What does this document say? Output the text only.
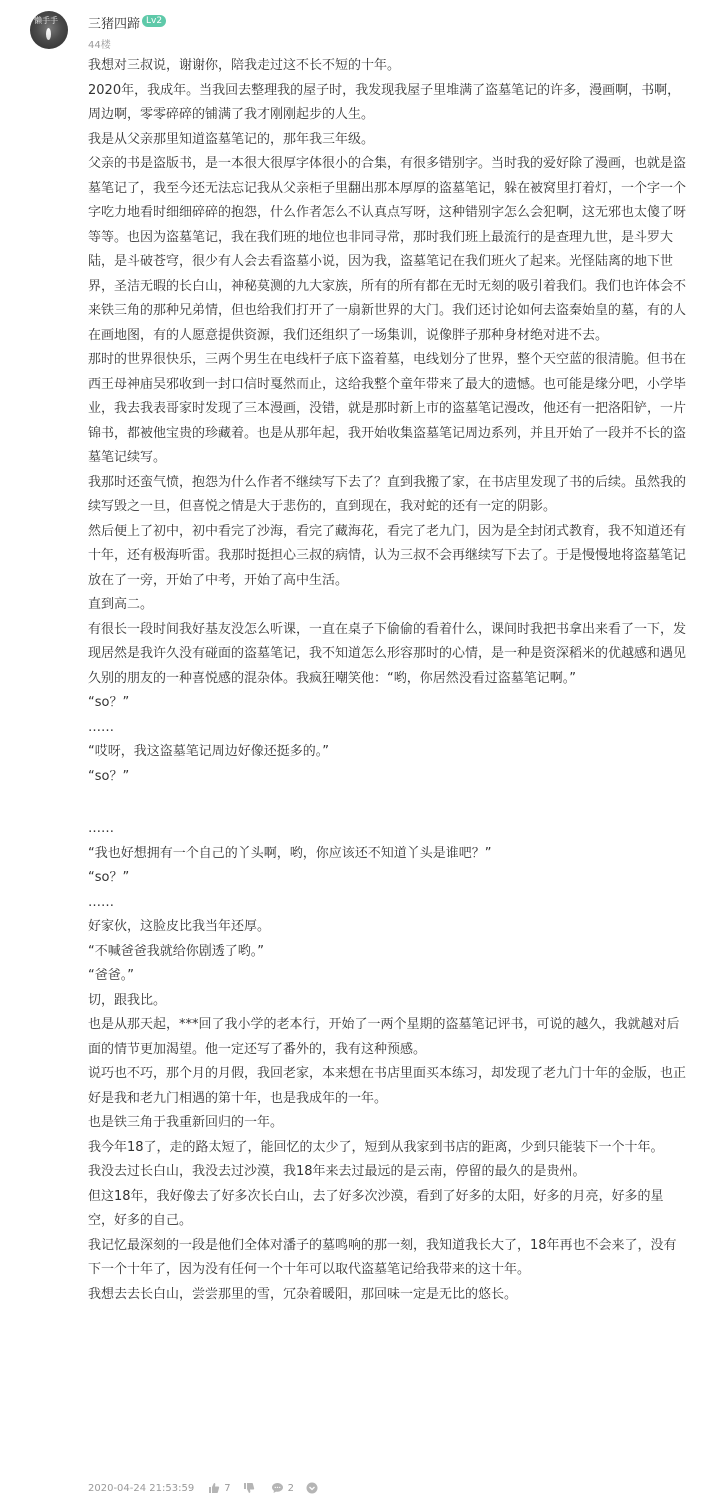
懒手手 三猪四蹄 Lv2
44楼
我想对三叔说，谢谢你，陪我走过这不长不短的十年。
2020年，我成年。当我回去整理我的屋子时，我发现我屋子里堆满了盗墓笔记的许多，漫画啊，书啊，周边啊，零零碎碎的铺满了我才刚刚起步的人生。
我是从父亲那里知道盗墓笔记的，那年我三年级。
父亲的书是盗版书，是一本很大很厚字体很小的合集，有很多错别字。当时我的爱好除了漫画，也就是盗墓笔记了，我至今还无法忘记我从父亲柜子里翻出那本厚厚的盗墓笔记，躲在被窝里打着灯，一个字一个字吃力地看时细细碎碎的抱怨，什么作者怎么不认真点写呀，这种错别字怎么会犯啊，这无邪也太傻了呀等等。也因为盗墓笔记，我在我们班的地位也非同寻常，那时我们班上最流行的是查理九世，是斗罗大陆，是斗破苍穹，很少有人会去看盗墓小说，因为我，盗墓笔记在我们班火了起来。光怪陆离的地下世界，圣洁无暇的长白山，神秘莫测的九大家族，所有的所有都在无时无刻的吸引着我们。我们也许体会不来铁三角的那种兄弟情，但也给我们打开了一扇新世界的大门。我们还讨论如何去盗秦始皇的墓，有的人在画地图，有的人愿意提供资源，我们还组织了一场集训，说像胖子那种身材绝对进不去。
那时的世界很快乐，三两个男生在电线杆子底下盗着墓，电线划分了世界，整个天空蓝的很清脆。但书在西王母神庙吴邪收到一封口信时戛然而止，这给我整个童年带来了最大的遗憾。也可能是缘分吧，小学毕业，我去我表哥家时发现了三本漫画，没错，就是那时新上市的盗墓笔记漫改，他还有一把洛阳铲，一片锦书，都被他宝贵的珍藏着。也是从那年起，我开始收集盗墓笔记周边系列，并且开始了一段并不长的盗墓笔记续写。
我那时还蛮气愤，抱怨为什么作者不继续写下去了？直到我搬了家，在书店里发现了书的后续。虽然我的续写毁之一旦，但喜悦之情是大于悲伤的，直到现在，我对蛇的还有一定的阴影。
然后便上了初中，初中看完了沙海，看完了藏海花，看完了老九门，因为是全封闭式教育，我不知道还有十年，还有极海听雷。我那时挺担心三叔的病情，认为三叔不会再继续写下去了。于是慢慢地将盗墓笔记放在了一旁，开始了中考，开始了高中生活。
直到高二。
有很长一段时间我好基友没怎么听课，一直在桌子下偷偷的看着什么，课间时我把书拿出来看了一下，发现居然是我许久没有碰面的盗墓笔记，我不知道怎么形容那时的心情，是一种是资深稻米的优越感和遇见久别的朋友的一种喜悦感的混杂体。我疯狂嘲笑他：“哟，你居然没看过盗墓笔记啊。”
“so？”
……
“哎呀，我这盗墓笔记周边好像还挺多的。”
“so？”
……
“我也好想拥有一个自己的丫头啊，哟，你应该还不知道丫头是谁吧？”
“so？”
……
好家伙，这脸皮比我当年还厚。
“不喊爸爸我就给你剧透了哟。”
“爸爸。”
切，跟我比。
也是从那天起，***回了我小学的老本行，开始了一两个星期的盗墓笔记评书，可说的越久，我就越对后面的情节更加渴望。他一定还写了番外的，我有这种预感。
说巧也不巧，那个月的月假，我回老家，本来想在书店里面买本练习，却发现了老九门十年的金版，也正好是我和老九门相遇的第十年，也是我成年的一年。
也是铁三角于我重新回归的一年。
我今年18了，走的路太短了，能回忆的太少了，短到从我家到书店的距离，少到只能装下一个十年。
我没去过长白山，我没去过沙漠，我18年来去过最远的是云南，停留的最久的是贵州。
但这18年，我好像去了好多次长白山，去了好多次沙漠，看到了好多的太阳，好多的月亮，好多的星空，好多的自己。
我记忆最深刻的一段是他们全体对潘子的墓鸣响的那一刻，我知道我长大了，18年再也不会来了，没有下一个十年了，因为没有任何一个十年可以取代盗墓笔记给我带来的这十年。
我想去去长白山，尝尝那里的雪，冗杂着暖阳，那回味一定是无比的悠长。
2020-04-24 21:53:59	7	2
